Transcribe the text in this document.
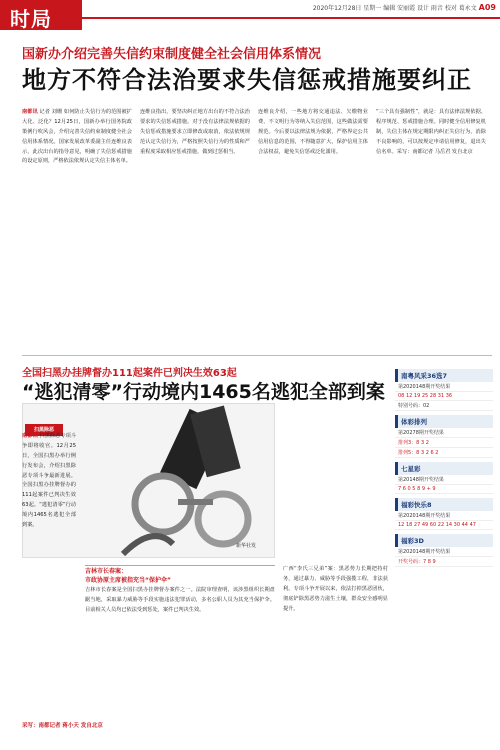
时局	2020年12月28日 星期一 编辑 安丽霞 设计 雨音 校对 葛永文 A09
国新办介绍完善失信约束制度健全社会信用体系情况
地方不符合法治要求失信惩戒措施要纠正
南都讯 记者 刘珊 如何防止失信行为的范围被扩大化、泛化？12月25日，国新办举行国务院政策例行吹风会，介绍完善失信约束制度健全社会信用体系情况。国家发展改革委副主任连维良表示，此次出台的指导意见，明确了失信惩戒措施的设定原则，严格依法依规认定失信主体名单。
连维良指出，要坚决纠正地方出台的不符合法治要求的失信惩戒措施。对于没有法律法规依据的失信惩戒措施要求立即修改或取消，依法依规规范认定失信行为，严格按照失信行为的性质和严重程度采取相应惩戒措施，做到过惩相当。
连维良介绍，一些地方将交通违法、欠缴物业费、不文明行为等纳入失信范围，这些做法需要规范。今后要以法律法规为依据，严格界定公共信用信息的范围，不得随意扩大，保护信用主体合法权益，避免失信惩戒泛化滥用。
“三个具有强制性”，就是：具有法律法规依据、程序规范、惩戒措施合理。同时健全信用修复机制，失信主体在规定期限内纠正失信行为、消除不良影响的，可以按规定申请信用修复，退出失信名单。采写：南都记者 马岳君 发自北京
全国扫黑办挂牌督办111起案件已判决生效63起
“逃犯清零”行动境内1465名逃犯全部到案
扫黑除恶
新华社发
南都讯 扫黑除恶专项斗争即将收官。12月25日，全国扫黑办举行例行发布会，介绍扫黑除恶专项斗争最新进展。全国扫黑办挂牌督办的111起案件已判决生效63起。“逃犯清零”行动境内1465名逃犯全部到案。
吉林市长春案：
市政协原主席被指充当“保护伞”
吉林市长春案是全国扫黑办挂牌督办案件之一。法院审理查明，该涉黑组织长期盘踞当地，采取暴力威胁等手段实施违法犯罪活动，多名公职人员为其充当保护伞。目前相关人员均已依法受到惩处，案件已判决生效。
广西“李氏三兄弟”案：黑恶势力长期把持村务，通过暴力、威胁等手段强揽工程，非法获利。专项斗争开展以来，依法打掉黑恶团伙，彻底铲除黑恶势力滋生土壤，群众安全感明显提升。
采写：南都记者 蒋小天 发自北京
南粤风采36选7
第2020148期开奖结果
08 12 19 25 28 31 36
特别号码：02
体彩排列
第20278期开奖结果
排列3：8 3 2
排列5：8 3 2 6 2
七星彩
第20148期开奖结果
7 6 0 5 8 9 + 9
福彩快乐8
第2020148期开奖结果
12 18 27 49 60 22 14 30 44 47
福彩3D
第2020148期开奖结果
开奖号码：7 8 9
